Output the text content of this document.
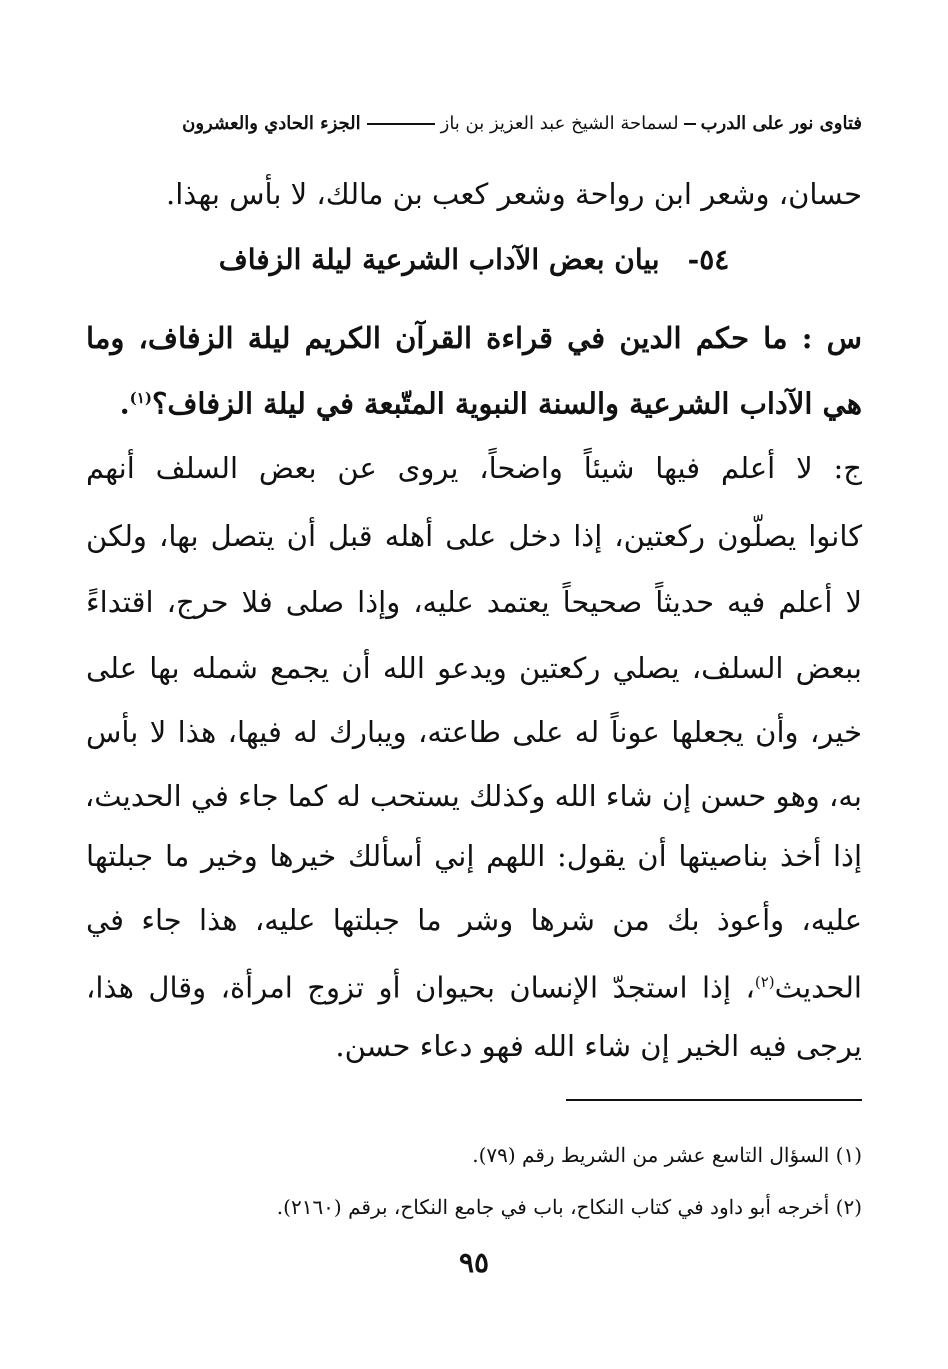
فتاوى نور على الدربلسماحة الشيخ عبد العزيز بن بازالجزء الحادي والعشرون
حسان، وشعر ابن رواحة وشعر كعب بن مالك، لا بأس بهذا.
٥٤-بيان بعض الآداب الشرعية ليلة الزفاف
س : ما حكم الدين في قراءة القرآن الكريم ليلة الزفاف، وما
هي الآداب الشرعية والسنة النبوية المتّبعة في ليلة الزفاف؟$^{(١)}$.
ج: لا أعلم فيها شيئاً واضحاً، يروى عن بعض السلف أنهم
كانوا يصلّون ركعتين، إذا دخل على أهله قبل أن يتصل بها، ولكن
لا أعلم فيه حديثاً صحيحاً يعتمد عليه، وإذا صلى فلا حرج، اقتداءً
ببعض السلف، يصلي ركعتين ويدعو الله أن يجمع شمله بها على
خير، وأن يجعلها عوناً له على طاعته، ويبارك له فيها، هذا لا بأس
به، وهو حسن إن شاء الله وكذلك يستحب له كما جاء في الحديث،
إذا أخذ بناصيتها أن يقول: اللهم إني أسألك خيرها وخير ما جبلتها
عليه، وأعوذ بك من شرها وشر ما جبلتها عليه، هذا جاء في
الحديث$^{(٢)}$، إذا استجدّ الإنسان بحيوان أو تزوج امرأة، وقال هذا،
يرجى فيه الخير إن شاء الله فهو دعاء حسن.
(١) السؤال التاسع عشر من الشريط رقم (٧٩).
(٢) أخرجه أبو داود في كتاب النكاح، باب في جامع النكاح، برقم (٢١٦٠).
٩٥
